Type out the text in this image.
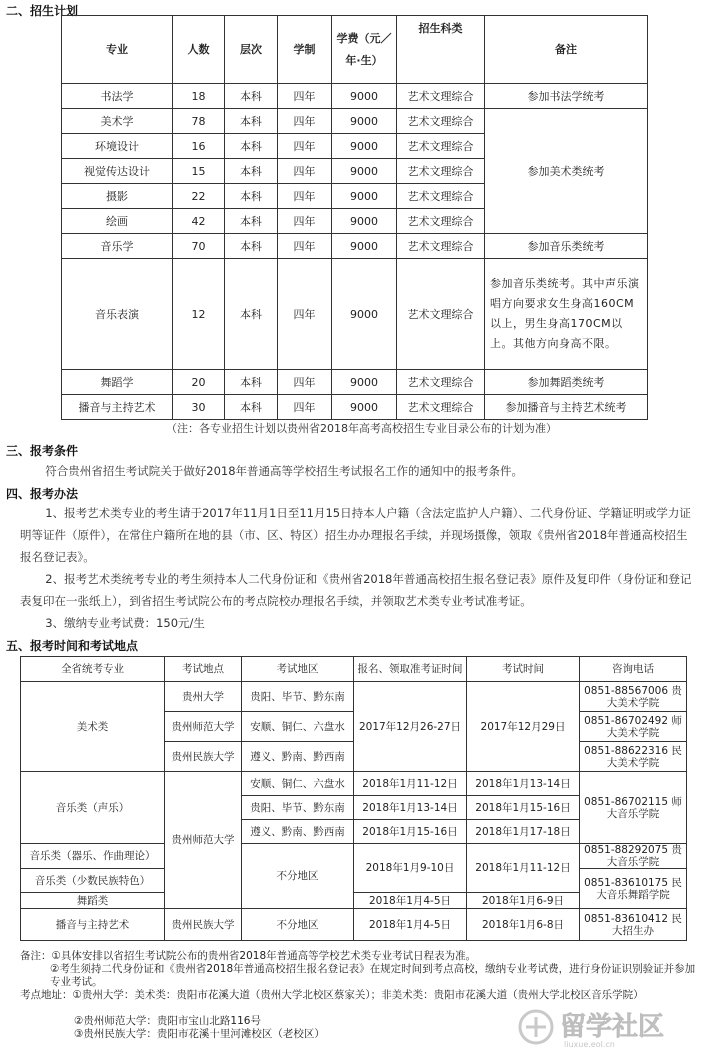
二、招生计划
专业	人数	层次	学制	学费（元／年·生）	招生科类	备注
书法学	18	本科	四年	9000	艺术文理综合	参加书法学统考
美术学	78	本科	四年	9000	艺术文理综合	参加美术类统考
环境设计	16	本科	四年	9000	艺术文理综合	
视觉传达设计	15	本科	四年	9000	艺术文理综合	
摄影	22	本科	四年	9000	艺术文理综合	
绘画	42	本科	四年	9000	艺术文理综合	
音乐学	70	本科	四年	9000	艺术文理综合	参加音乐类统考
音乐表演	12	本科	四年	9000	艺术文理综合	参加音乐类统考。其中声乐演唱方向要求女生身高160CM以上，男生身高170CM以上。其他方向身高不限。
舞蹈学	20	本科	四年	9000	艺术文理综合	参加舞蹈类统考
播音与主持艺术	30	本科	四年	9000	艺术文理综合	参加播音与主持艺术统考
（注：各专业招生计划以贵州省2018年高考高校招生专业目录公布的计划为准）
三、报考条件
符合贵州省招生考试院关于做好2018年普通高等学校招生考试报名工作的通知中的报考条件。
四、报考办法
1、报考艺术类专业的考生请于2017年11月1日至11月15日持本人户籍（含法定监护人户籍）、二代身份证、学籍证明或学力证明等证件（原件），在常住户籍所在地的县（市、区、特区）招生办办理报名手续，并现场摄像，领取《贵州省2018年普通高校招生报名登记表》。
2、报考艺术类统考专业的考生须持本人二代身份证和《贵州省2018年普通高校招生报名登记表》原件及复印件（身份证和登记表复印在一张纸上），到省招生考试院公布的考点院校办理报名手续，并领取艺术类专业考试准考证。
3、缴纳专业考试费：150元/生
五、报考时间和考试地点
全省统考专业	考试地点	考试地区	报名、领取准考证时间	考试时间	咨询电话
美术类	贵州大学	贵阳、毕节、黔东南	2017年12月26-27日	2017年12月29日	0851-88567006 贵大美术学院
	贵州师范大学	安顺、铜仁、六盘水			0851-86702492 师大美术学院
	贵州民族大学	遵义、黔南、黔西南			0851-88622316 民大美术学院
音乐类（声乐）	贵州师范大学	安顺、铜仁、六盘水	2018年1月11-12日	2018年1月13-14日	0851-86702115 师大音乐学院
		贵阳、毕节、黔东南	2018年1月13-14日	2018年1月15-16日	
		遵义、黔南、黔西南	2018年1月15-16日	2018年1月17-18日	
音乐类（器乐、作曲理论）		不分地区	2018年1月9-10日	2018年1月11-12日	0851-88292075 贵大音乐学院
音乐类（少数民族特色）					0851-83610175 民大音乐舞蹈学院
舞蹈类			2018年1月4-5日	2018年1月6-9日	
播音与主持艺术	贵州民族大学	不分地区	2018年1月4-5日	2018年1月6-8日	0851-83610412 民大招生办
备注：①具体安排以省招生考试院公布的贵州省2018年普通高等学校艺术类专业考试日程表为准。
②考生须持二代身份证和《贵州省2018年普通高校招生报名登记表》在规定时间到考点高校，缴纳专业考试费，进行身份证识别验证并参加专业考试。
考点地址：①贵州大学：美术类：贵阳市花溪大道（贵州大学北校区蔡家关）；非美术类：贵阳市花溪大道（贵州大学北校区音乐学院）
②贵州师范大学：贵阳市宝山北路116号
③贵州民族大学：贵阳市花溪十里河滩校区（老校区）	留学社区
liuxue.eol.cn
